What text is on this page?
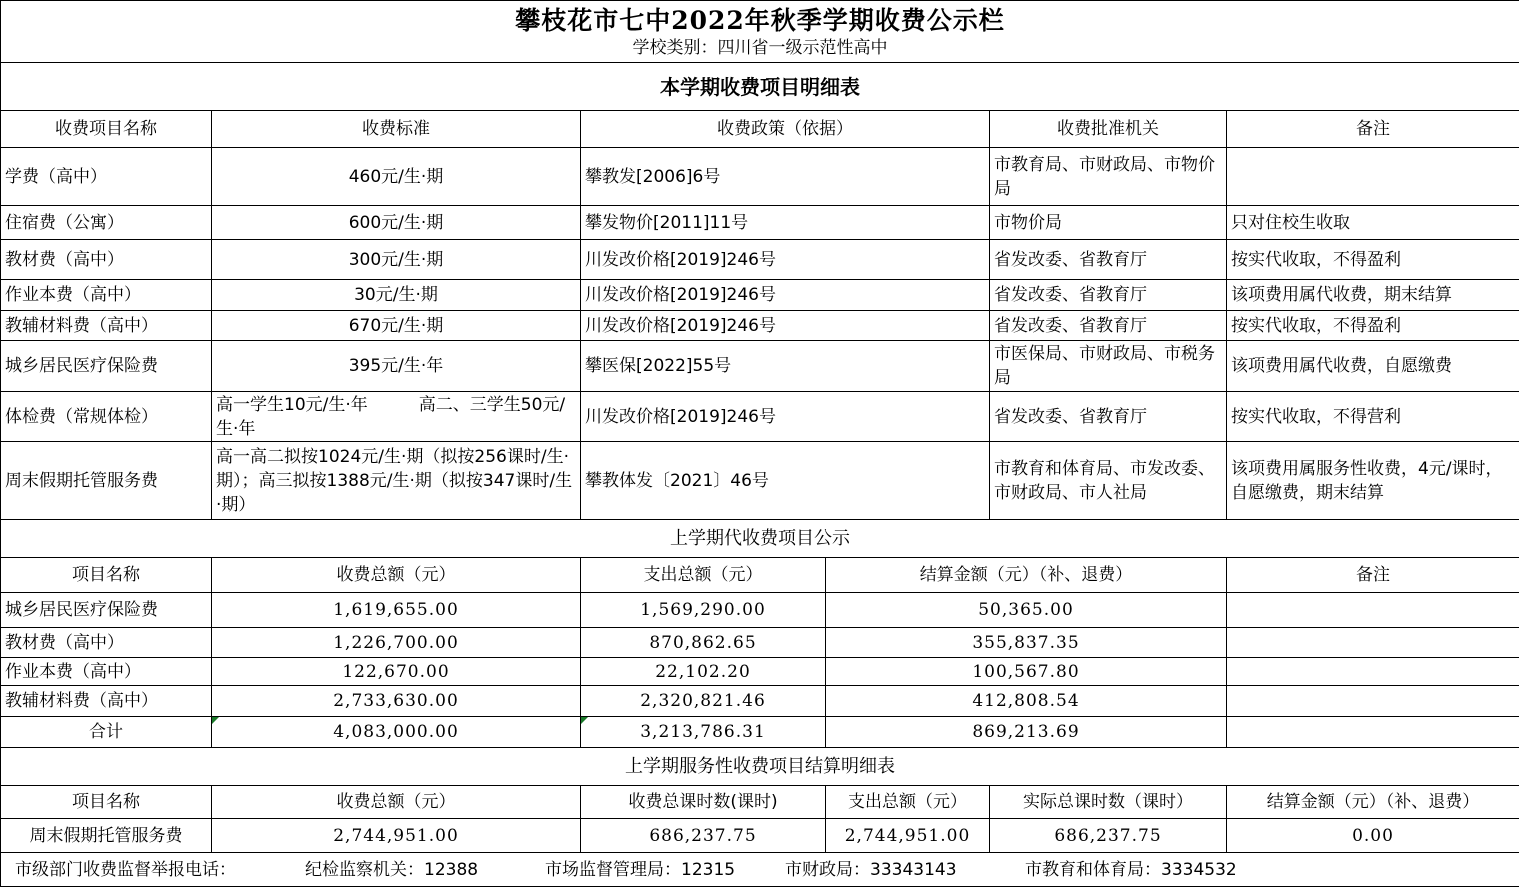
攀枝花市七中2022年秋季学期收费公示栏
学校类别：四川省一级示范性高中					

本学期收费项目明细表					
收费项目名称	收费标准	收费政策（依据）		收费批准机关	备注
学费（高中）	460元/生·期	攀教发[2006]6号		市教育局、市财政局、市物价局	
住宿费（公寓）	600元/生·期	攀发物价[2011]11号		市物价局	只对住校生收取
教材费（高中）	300元/生·期	川发改价格[2019]246号		省发改委、省教育厅	按实代收取，不得盈利
作业本费（高中）	30元/生·期	川发改价格[2019]246号		省发改委、省教育厅	该项费用属代收费，期末结算
教辅材料费（高中）	670元/生·期	川发改价格[2019]246号		省发改委、省教育厅	按实代收取，不得盈利
城乡居民医疗保险费	395元/生·年	攀医保[2022]55号		市医保局、市财政局、市税务局	该项费用属代收费，自愿缴费
体检费（常规体检）	高一学生10元/生·年　　　高二、三学生50元/生·年	川发改价格[2019]246号		省发改委、省教育厅	按实代收取，不得营利
周末假期托管服务费	高一高二拟按1024元/生·期（拟按256课时/生·期）；高三拟按1388元/生·期（拟按347课时/生·期）	攀教体发〔2021〕46号		市教育和体育局、市发改委、市财政局、市人社局	该项费用属服务性收费，4元/课时，自愿缴费，期末结算
上学期代收费项目公示					
项目名称	收费总额（元）	支出总额（元）	结算金额（元）（补、退费）		备注
城乡居民医疗保险费	1,619,655.00	1,569,290.00	50,365.00		
教材费（高中）	1,226,700.00	870,862.65	355,837.35		
作业本费（高中）	122,670.00	22,102.20	100,567.80		
教辅材料费（高中）	2,733,630.00	2,320,821.46	412,808.54		
合计	4,083,000.00	3,213,786.31	869,213.69		
上学期服务性收费项目结算明细表					
项目名称	收费总额（元）	收费总课时数(课时)	支出总额（元）	实际总课时数（课时）	结算金额（元）（补、退费）
周末假期托管服务费	2,744,951.00	686,237.75	2,744,951.00	686,237.75	0.00

市级部门收费监督举报电话： 纪检监察机关：12388 市场监督管理局：12315 市财政局：33343143 市教育和体育局：3334532					
